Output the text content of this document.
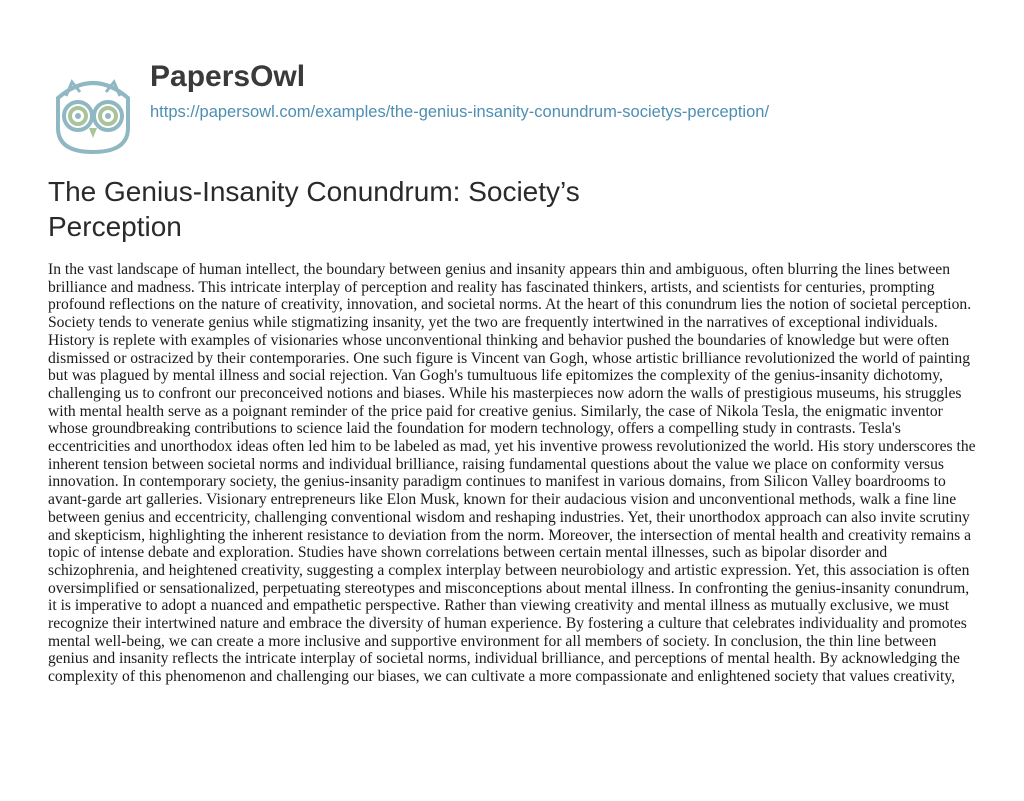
PapersOwl
https://papersowl.com/examples/the-genius-insanity-conundrum-societys-perception/
The Genius-Insanity Conundrum: Society’s Perception

In the vast landscape of human intellect, the boundary between genius and insanity appears thin and ambiguous, often blurring the lines between brilliance and madness. This intricate interplay of perception and reality has fascinated thinkers, artists, and scientists for centuries, prompting profound reflections on the nature of creativity, innovation, and societal norms. At the heart of this conundrum lies the notion of societal perception. Society tends to venerate genius while stigmatizing insanity, yet the two are frequently intertwined in the narratives of exceptional individuals. History is replete with examples of visionaries whose unconventional thinking and behavior pushed the boundaries of knowledge but were often dismissed or ostracized by their contemporaries. One such figure is Vincent van Gogh, whose artistic brilliance revolutionized the world of painting but was plagued by mental illness and social rejection. Van Gogh's tumultuous life epitomizes the complexity of the genius-insanity dichotomy, challenging us to confront our preconceived notions and biases. While his masterpieces now adorn the walls of prestigious museums, his struggles with mental health serve as a poignant reminder of the price paid for creative genius. Similarly, the case of Nikola Tesla, the enigmatic inventor whose groundbreaking contributions to science laid the foundation for modern technology, offers a compelling study in contrasts. Tesla's eccentricities and unorthodox ideas often led him to be labeled as mad, yet his inventive prowess revolutionized the world. His story underscores the inherent tension between societal norms and individual brilliance, raising fundamental questions about the value we place on conformity versus innovation. In contemporary society, the genius-insanity paradigm continues to manifest in various domains, from Silicon Valley boardrooms to avant-garde art galleries. Visionary entrepreneurs like Elon Musk, known for their audacious vision and unconventional methods, walk a fine line between genius and eccentricity, challenging conventional wisdom and reshaping industries. Yet, their unorthodox approach can also invite scrutiny and skepticism, highlighting the inherent resistance to deviation from the norm. Moreover, the intersection of mental health and creativity remains a topic of intense debate and exploration. Studies have shown correlations between certain mental illnesses, such as bipolar disorder and schizophrenia, and heightened creativity, suggesting a complex interplay between neurobiology and artistic expression. Yet, this association is often oversimplified or sensationalized, perpetuating stereotypes and misconceptions about mental illness. In confronting the genius-insanity conundrum, it is imperative to adopt a nuanced and empathetic perspective. Rather than viewing creativity and mental illness as mutually exclusive, we must recognize their intertwined nature and embrace the diversity of human experience. By fostering a culture that celebrates individuality and promotes mental well-being, we can create a more inclusive and supportive environment for all members of society. In conclusion, the thin line between genius and insanity reflects the intricate interplay of societal norms, individual brilliance, and perceptions of mental health. By acknowledging the complexity of this phenomenon and challenging our biases, we can cultivate a more compassionate and enlightened society that values creativity,
